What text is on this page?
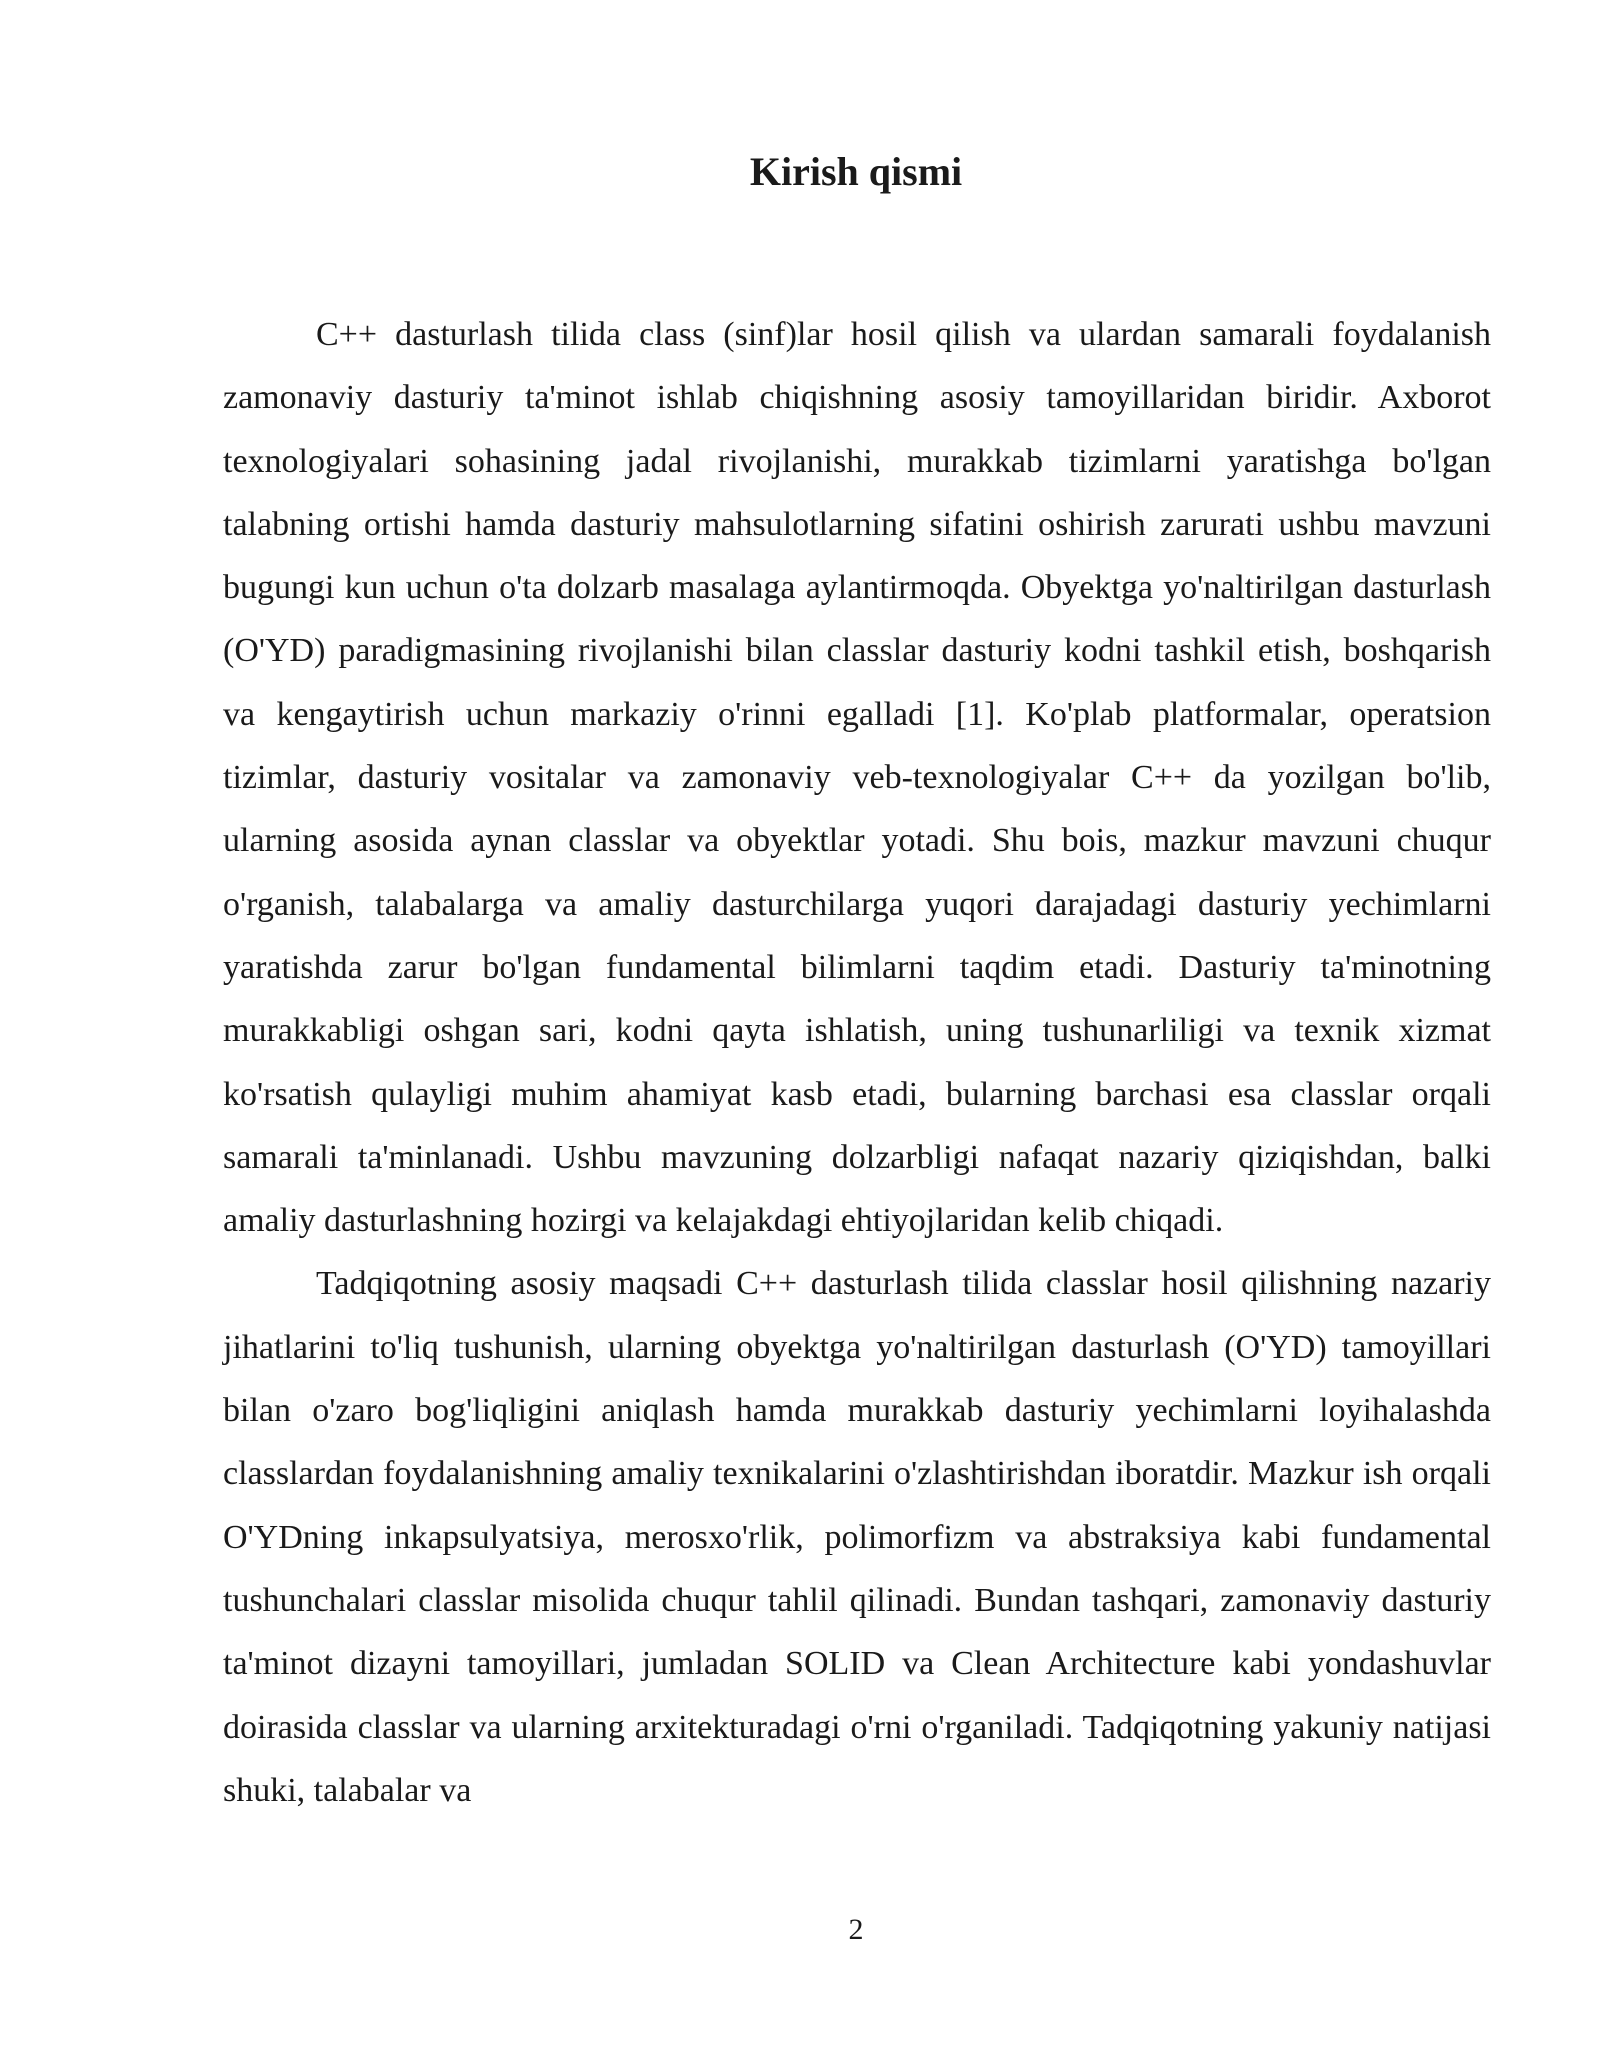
Kirish qismi

C++ dasturlash tilida class (sinf)lar hosil qilish va ulardan samarali foydalanish zamonaviy dasturiy ta'minot ishlab chiqishning asosiy tamoyillaridan biridir. Axborot texnologiyalari sohasining jadal rivojlanishi, murakkab tizimlarni yaratishga bo'lgan talabning ortishi hamda dasturiy mahsulotlarning sifatini oshirish zarurati ushbu mavzuni bugungi kun uchun o'ta dolzarb masalaga aylantirmoqda. Obyektga yo'naltirilgan dasturlash (O'YD) paradigmasining rivojlanishi bilan classlar dasturiy kodni tashkil etish, boshqarish va kengaytirish uchun markaziy o'rinni egalladi [1]. Ko'plab platformalar, operatsion tizimlar, dasturiy vositalar va zamonaviy veb-texnologiyalar C++ da yozilgan bo'lib, ularning asosida aynan classlar va obyektlar yotadi. Shu bois, mazkur mavzuni chuqur o'rganish, talabalarga va amaliy dasturchilarga yuqori darajadagi dasturiy yechimlarni yaratishda zarur bo'lgan fundamental bilimlarni taqdim etadi. Dasturiy ta'minotning murakkabligi oshgan sari, kodni qayta ishlatish, uning tushunarliligi va texnik xizmat ko'rsatish qulayligi muhim ahamiyat kasb etadi, bularning barchasi esa classlar orqali samarali ta'minlanadi. Ushbu mavzuning dolzarbligi nafaqat nazariy qiziqishdan, balki amaliy dasturlashning hozirgi va kelajakdagi ehtiyojlaridan kelib chiqadi.

Tadqiqotning asosiy maqsadi C++ dasturlash tilida classlar hosil qilishning nazariy jihatlarini to'liq tushunish, ularning obyektga yo'naltirilgan dasturlash (O'YD) tamoyillari bilan o'zaro bog'liqligini aniqlash hamda murakkab dasturiy yechimlarni loyihalashda classlardan foydalanishning amaliy texnikalarini o'zlashtirishdan iboratdir. Mazkur ish orqali O'YDning inkapsulyatsiya, merosxo'rlik, polimorfizm va abstraksiya kabi fundamental tushunchalari classlar misolida chuqur tahlil qilinadi. Bundan tashqari, zamonaviy dasturiy ta'minot dizayni tamoyillari, jumladan SOLID va Clean Architecture kabi yondashuvlar doirasida classlar va ularning arxitekturadagi o'rni o'rganiladi. Tadqiqotning yakuniy natijasi shuki, talabalar va

2
